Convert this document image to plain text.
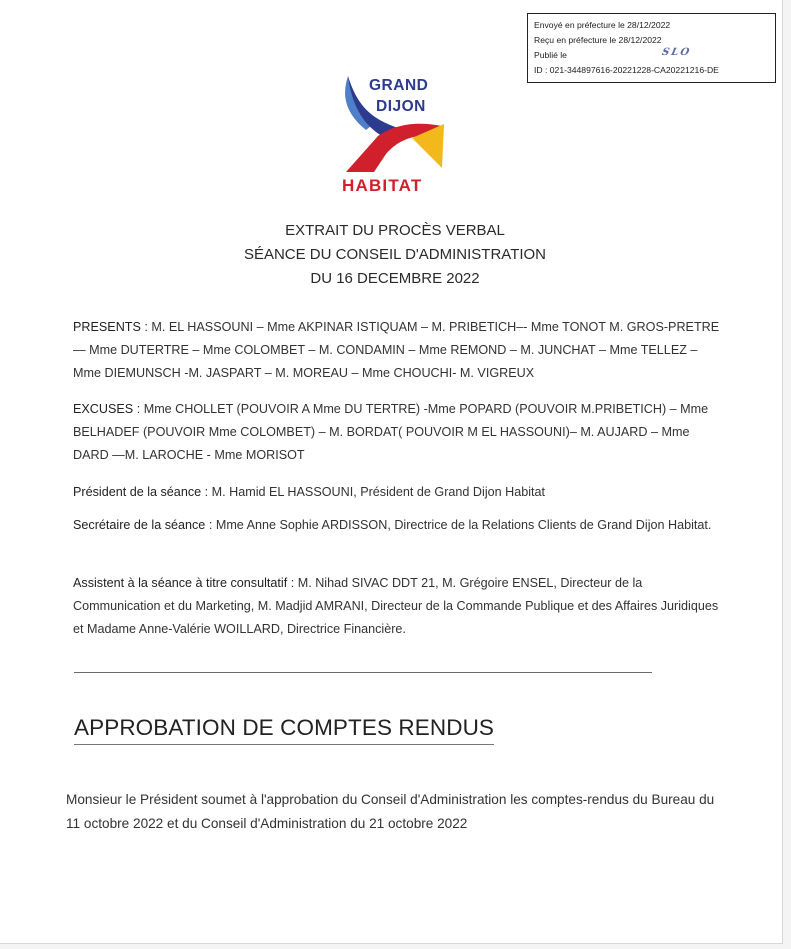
Envoyé en préfecture le 28/12/2022
Reçu en préfecture le 28/12/2022
Publié le	SLO
ID : 021-344897616-20221228-CA20221216-DE
GRAND
DIJON
HABITAT
EXTRAIT DU PROCÈS VERBAL
SÉANCE DU CONSEIL D'ADMINISTRATION
DU 16 DECEMBRE 2022
PRESENTS : M. EL HASSOUNI – Mme AKPINAR ISTIQUAM – M. PRIBETICH–- Mme TONOT M. GROS-PRETRE — Mme DUTERTRE – Mme COLOMBET – M. CONDAMIN – Mme REMOND – M. JUNCHAT – Mme TELLEZ – Mme DIEMUNSCH -M. JASPART – M. MOREAU – Mme CHOUCHI- M. VIGREUX
EXCUSES : Mme CHOLLET (POUVOIR A Mme DU TERTRE) -Mme POPARD (POUVOIR M.PRIBETICH) – Mme BELHADEF (POUVOIR Mme COLOMBET) – M. BORDAT( POUVOIR M EL HASSOUNI)– M. AUJARD – Mme DARD —M. LAROCHE - Mme MORISOT
Président de la séance : M. Hamid EL HASSOUNI, Président de Grand Dijon Habitat
Secrétaire de la séance : Mme Anne Sophie ARDISSON, Directrice de la Relations Clients de Grand Dijon Habitat.
Assistent à la séance à titre consultatif : M. Nihad SIVAC DDT 21, M. Grégoire ENSEL, Directeur de la Communication et du Marketing, M. Madjid AMRANI, Directeur de la Commande Publique et des Affaires Juridiques et Madame Anne-Valérie WOILLARD, Directrice Financière.
APPROBATION DE COMPTES RENDUS
Monsieur le Président soumet à l'approbation du Conseil d'Administration les comptes-rendus du Bureau du 11 octobre 2022 et du Conseil d'Administration du 21 octobre 2022
